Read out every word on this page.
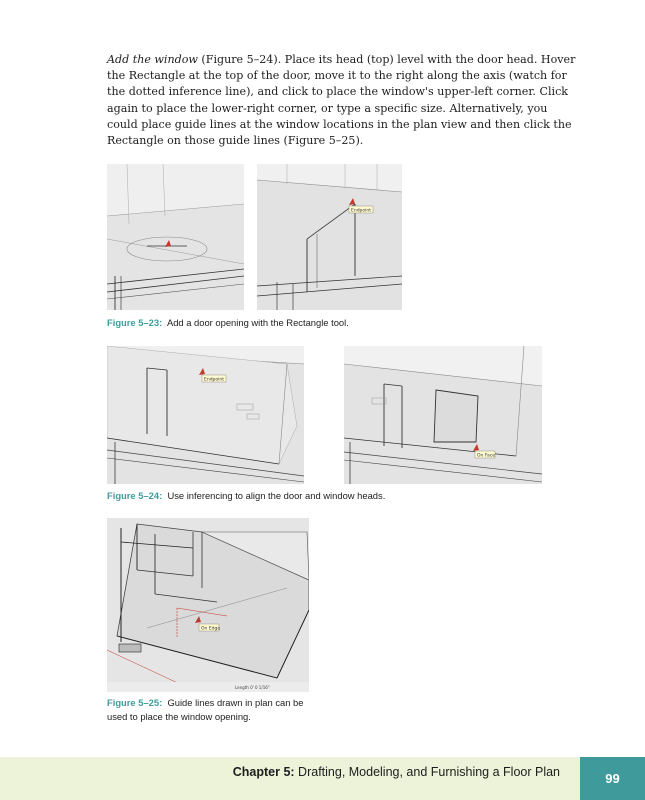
Add the window (Figure 5–24). Place its head (top) level with the door head. Hover the Rectangle at the top of the door, move it to the right along the axis (watch for the dotted inference line), and click to place the window's upper-left corner. Click again to place the lower-right corner, or type a specific size. Alternatively, you could place guide lines at the window locations in the plan view and then click the Rectangle on those guide lines (Figure 5–25).

Endpoint
Figure 5–23: Add a door opening with the Rectangle tool.
Endpoint
On Face
Figure 5–24: Use inferencing to align the door and window heads.
On Edge
Length 0' 0 1/16"
Figure 5–25: Guide lines drawn in plan can be used to place the window opening.
Chapter 5: Drafting, Modeling, and Furnishing a Floor Plan	99
